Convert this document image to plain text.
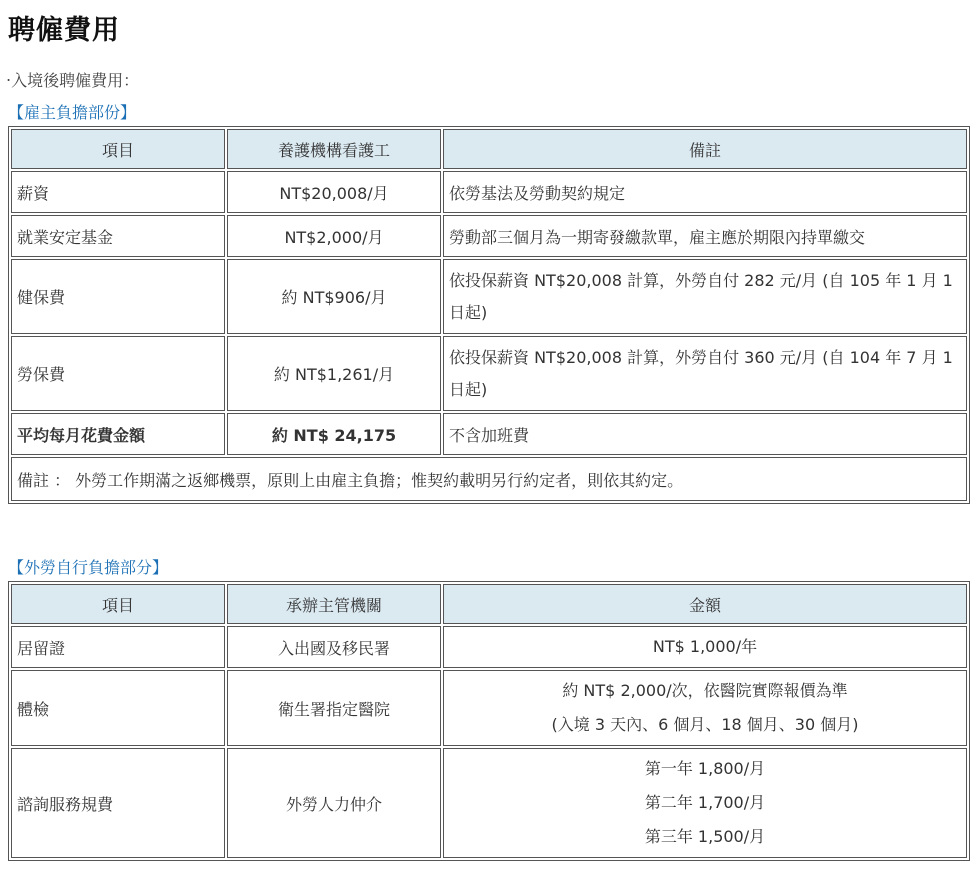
聘僱費用
‧入境後聘僱費用：
【雇主負擔部份】
項目	養護機構看護工	備註
薪資	NT$20,008/月	依勞基法及勞動契約規定
就業安定基金	NT$2,000/月	勞動部三個月為一期寄發繳款單，雇主應於期限內持單繳交
健保費	約 NT$906/月	依投保薪資 NT$20,008 計算，外勞自付 282 元/月 (自 105 年 1 月 1 日起)
勞保費	約 NT$1,261/月	依投保薪資 NT$20,008 計算，外勞自付 360 元/月 (自 104 年 7 月 1 日起)
平均每月花費金額	約 NT$ 24,175	不含加班費
備註 ： 外勞工作期滿之返鄉機票，原則上由雇主負擔；惟契約載明另行約定者，則依其約定。		
【外勞自行負擔部分】
項目	承辦主管機關	金額
居留證	入出國及移民署	NT$ 1,000/年

體檢	衛生署指定醫院	約 NT$ 2,000/次，依醫院實際報價為準
(入境 3 天內、6 個月、18 個月、30 個月)

諮詢服務規費	外勞人力仲介	第一年 1,800/月
第二年 1,700/月
第三年 1,500/月
